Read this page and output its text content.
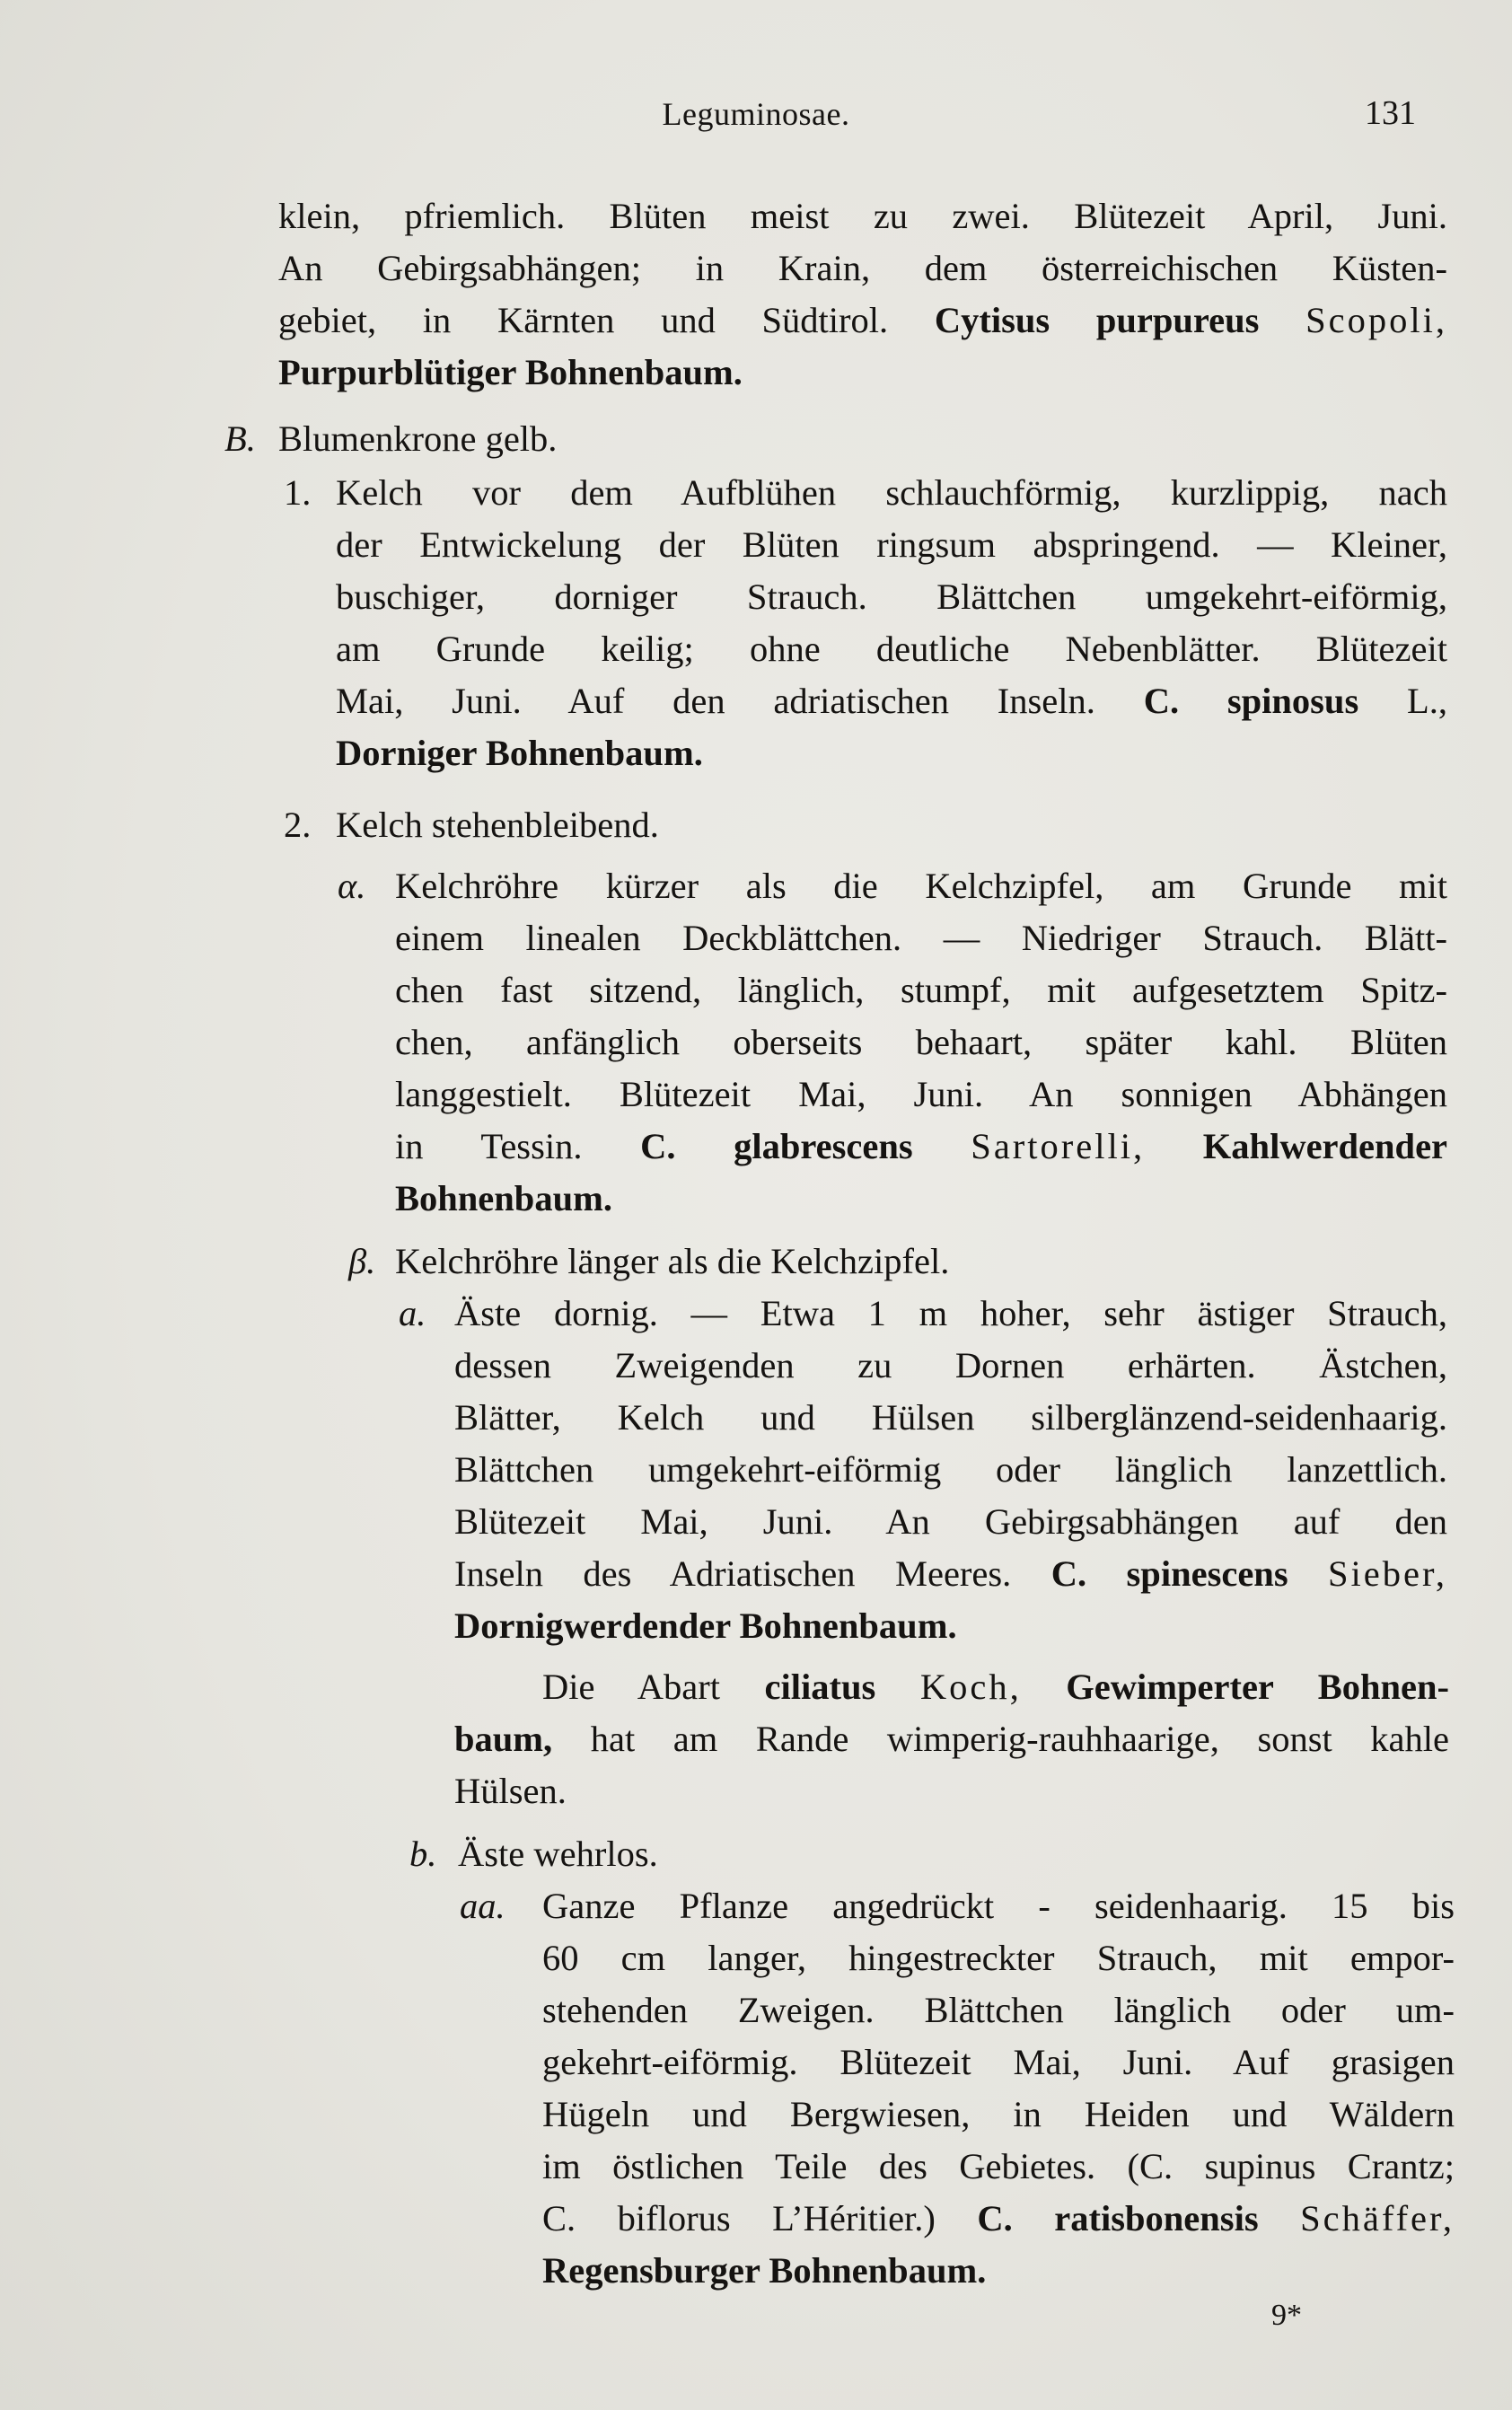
Leguminosae.	131
klein, pfriemlich. Blüten meist zu zwei. Blütezeit April, Juni.
An Gebirgsabhängen; in Krain, dem österreichischen Küsten-
gebiet, in Kärnten und Südtirol. Cytisus purpureus Scopoli,
Purpurblütiger Bohnenbaum.
B. Blumenkrone gelb.
1. Kelch vor dem Aufblühen schlauchförmig, kurzlippig, nach
der Entwickelung der Blüten ringsum abspringend. — Kleiner,
buschiger, dorniger Strauch. Blättchen umgekehrt-eiförmig,
am Grunde keilig; ohne deutliche Nebenblätter. Blütezeit
Mai, Juni. Auf den adriatischen Inseln. C. spinosus L.,
Dorniger Bohnenbaum.
2. Kelch stehenbleibend.
α. Kelchröhre kürzer als die Kelchzipfel, am Grunde mit
einem linealen Deckblättchen. — Niedriger Strauch. Blätt-
chen fast sitzend, länglich, stumpf, mit aufgesetztem Spitz-
chen, anfänglich oberseits behaart, später kahl. Blüten
langgestielt. Blütezeit Mai, Juni. An sonnigen Abhängen
in Tessin. C. glabrescens Sartorelli, Kahlwerdender
Bohnenbaum.
β. Kelchröhre länger als die Kelchzipfel.
a. Äste dornig. — Etwa 1 m hoher, sehr ästiger Strauch,
dessen Zweigenden zu Dornen erhärten. Ästchen,
Blätter, Kelch und Hülsen silberglänzend-seidenhaarig.
Blättchen umgekehrt-eiförmig oder länglich lanzettlich.
Blütezeit Mai, Juni. An Gebirgsabhängen auf den
Inseln des Adriatischen Meeres. C. spinescens Sieber,
Dornigwerdender Bohnenbaum.
Die Abart ciliatus Koch, Gewimperter Bohnen-
baum, hat am Rande wimperig-rauhhaarige, sonst kahle
Hülsen.
b. Äste wehrlos.
aa. Ganze Pflanze angedrückt - seidenhaarig. 15 bis
60 cm langer, hingestreckter Strauch, mit empor-
stehenden Zweigen. Blättchen länglich oder um-
gekehrt-eiförmig. Blütezeit Mai, Juni. Auf grasigen
Hügeln und Bergwiesen, in Heiden und Wäldern
im östlichen Teile des Gebietes. (C. supinus Crantz;
C. biflorus L’Héritier.) C. ratisbonensis Schäffer,
Regensburger Bohnenbaum.
9*
